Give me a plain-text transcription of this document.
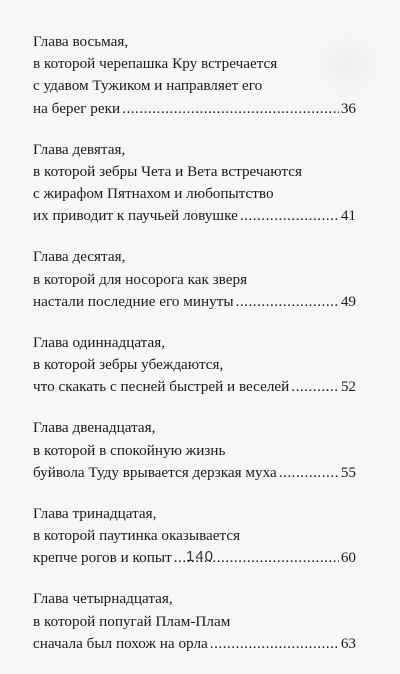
Глава восьмая,
в которой черепашка Кру встречается
с удавом Тужиком и направляет его
на берег реки .....	36
Глава девятая,
в которой зебры Чета и Вета встречаются
с жирафом Пятнахом и любопытство
их приводит к паучьей ловушке .....	41
Глава десятая,
в которой для носорога как зверя
настали последние его минуты .....	49
Глава одиннадцатая,
в которой зебры убеждаются,
что скакать с песней быстрей и веселей .....	52
Глава двенадцатая,
в которой в спокойную жизнь
буйвола Туду врывается дерзкая муха .....	55
Глава тринадцатая,
в которой паутинка оказывается
крепче рогов и копыт .....	60
Глава четырнадцатая,
в которой попугай Плам-Плам
сначала был похож на орла .....	63
140
